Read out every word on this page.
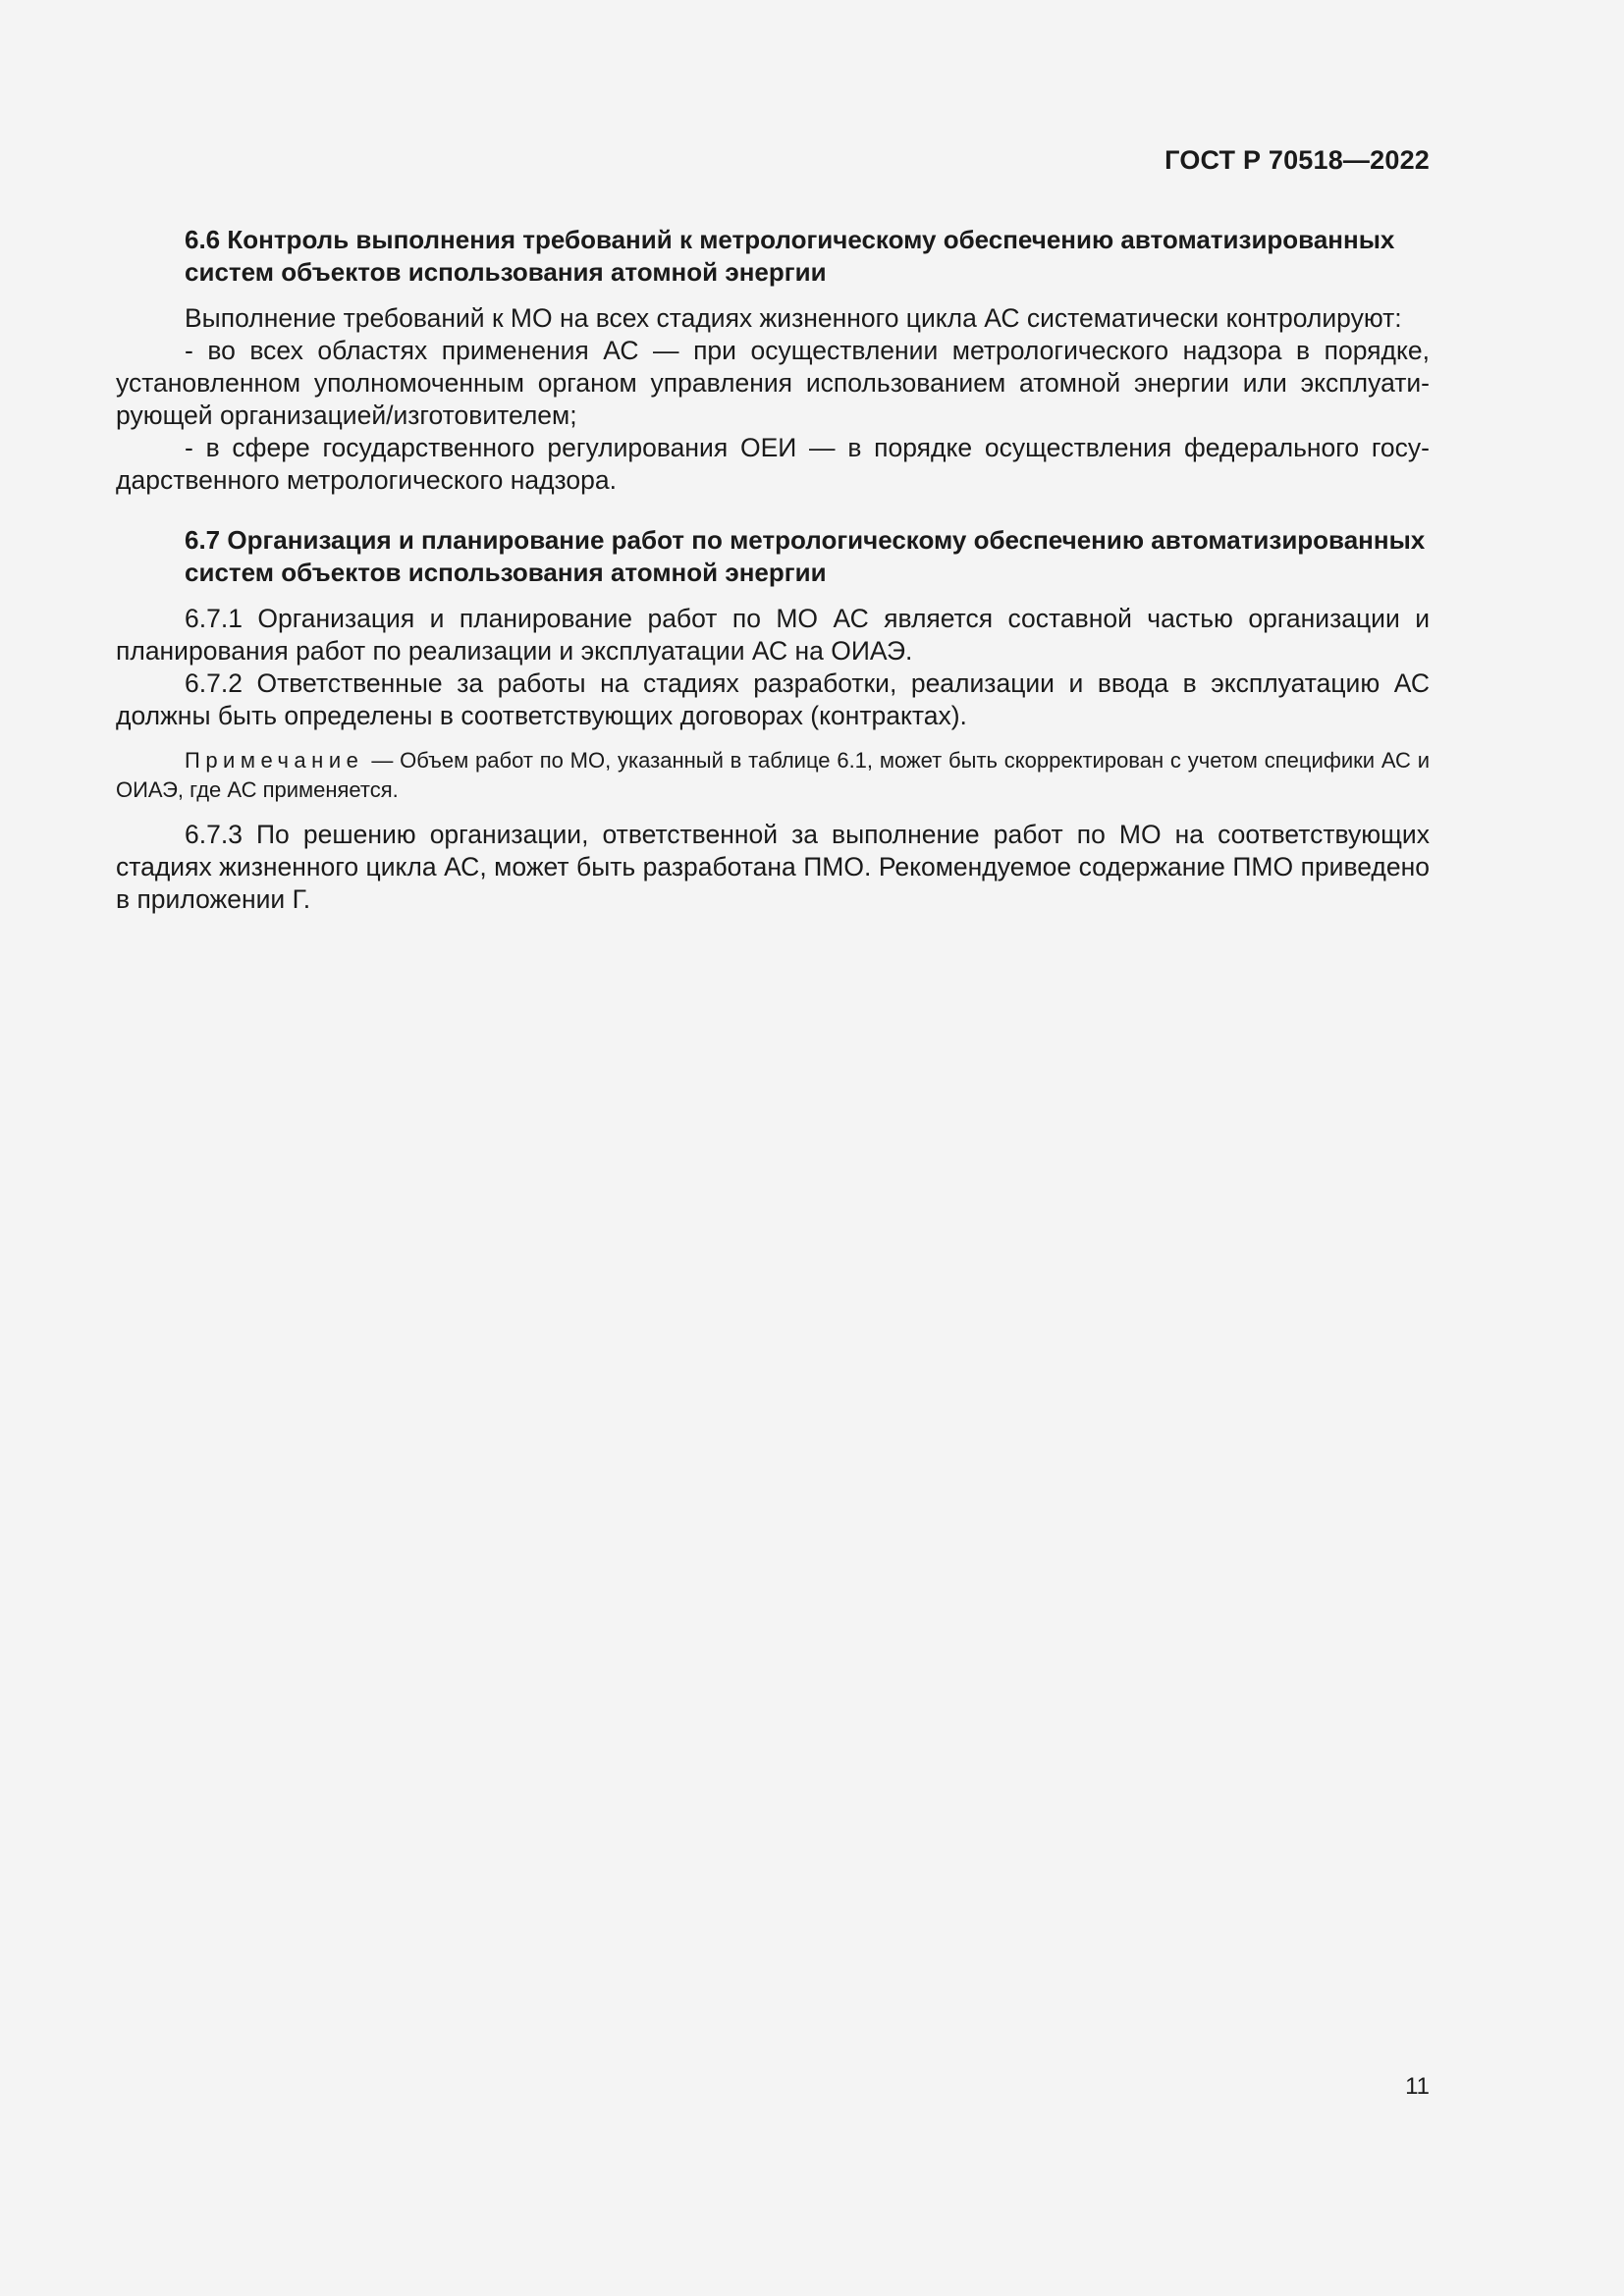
ГОСТ Р 70518—2022
6.6 Контроль выполнения требований к метрологическому обеспечению автоматизированных
систем объектов использования атомной энергии

Выполнение требований к МО на всех стадиях жизненного цикла АС систематически контролируют:

- во всех областях применения АС — при осуществлении метрологического надзора в порядке, установленном уполномоченным органом управления использованием атомной энергии или эксплуатирующей организацией/изготовителем;

- в сфере государственного регулирования ОЕИ — в порядке осуществления федерального государственного метрологического надзора.

6.7 Организация и планирование работ по метрологическому обеспечению автоматизированных
систем объектов использования атомной энергии

6.7.1 Организация и планирование работ по МО АС является составной частью организации и планирования работ по реализации и эксплуатации АС на ОИАЭ.

6.7.2 Ответственные за работы на стадиях разработки, реализации и ввода в эксплуатацию АС должны быть определены в соответствующих договорах (контрактах).

Примечание — Объем работ по МО, указанный в таблице 6.1, может быть скорректирован с учетом специфики АС и ОИАЭ, где АС применяется.

6.7.3 По решению организации, ответственной за выполнение работ по МО на соответствующих стадиях жизненного цикла АС, может быть разработана ПМО. Рекомендуемое содержание ПМО приведено в приложении Г.

11
